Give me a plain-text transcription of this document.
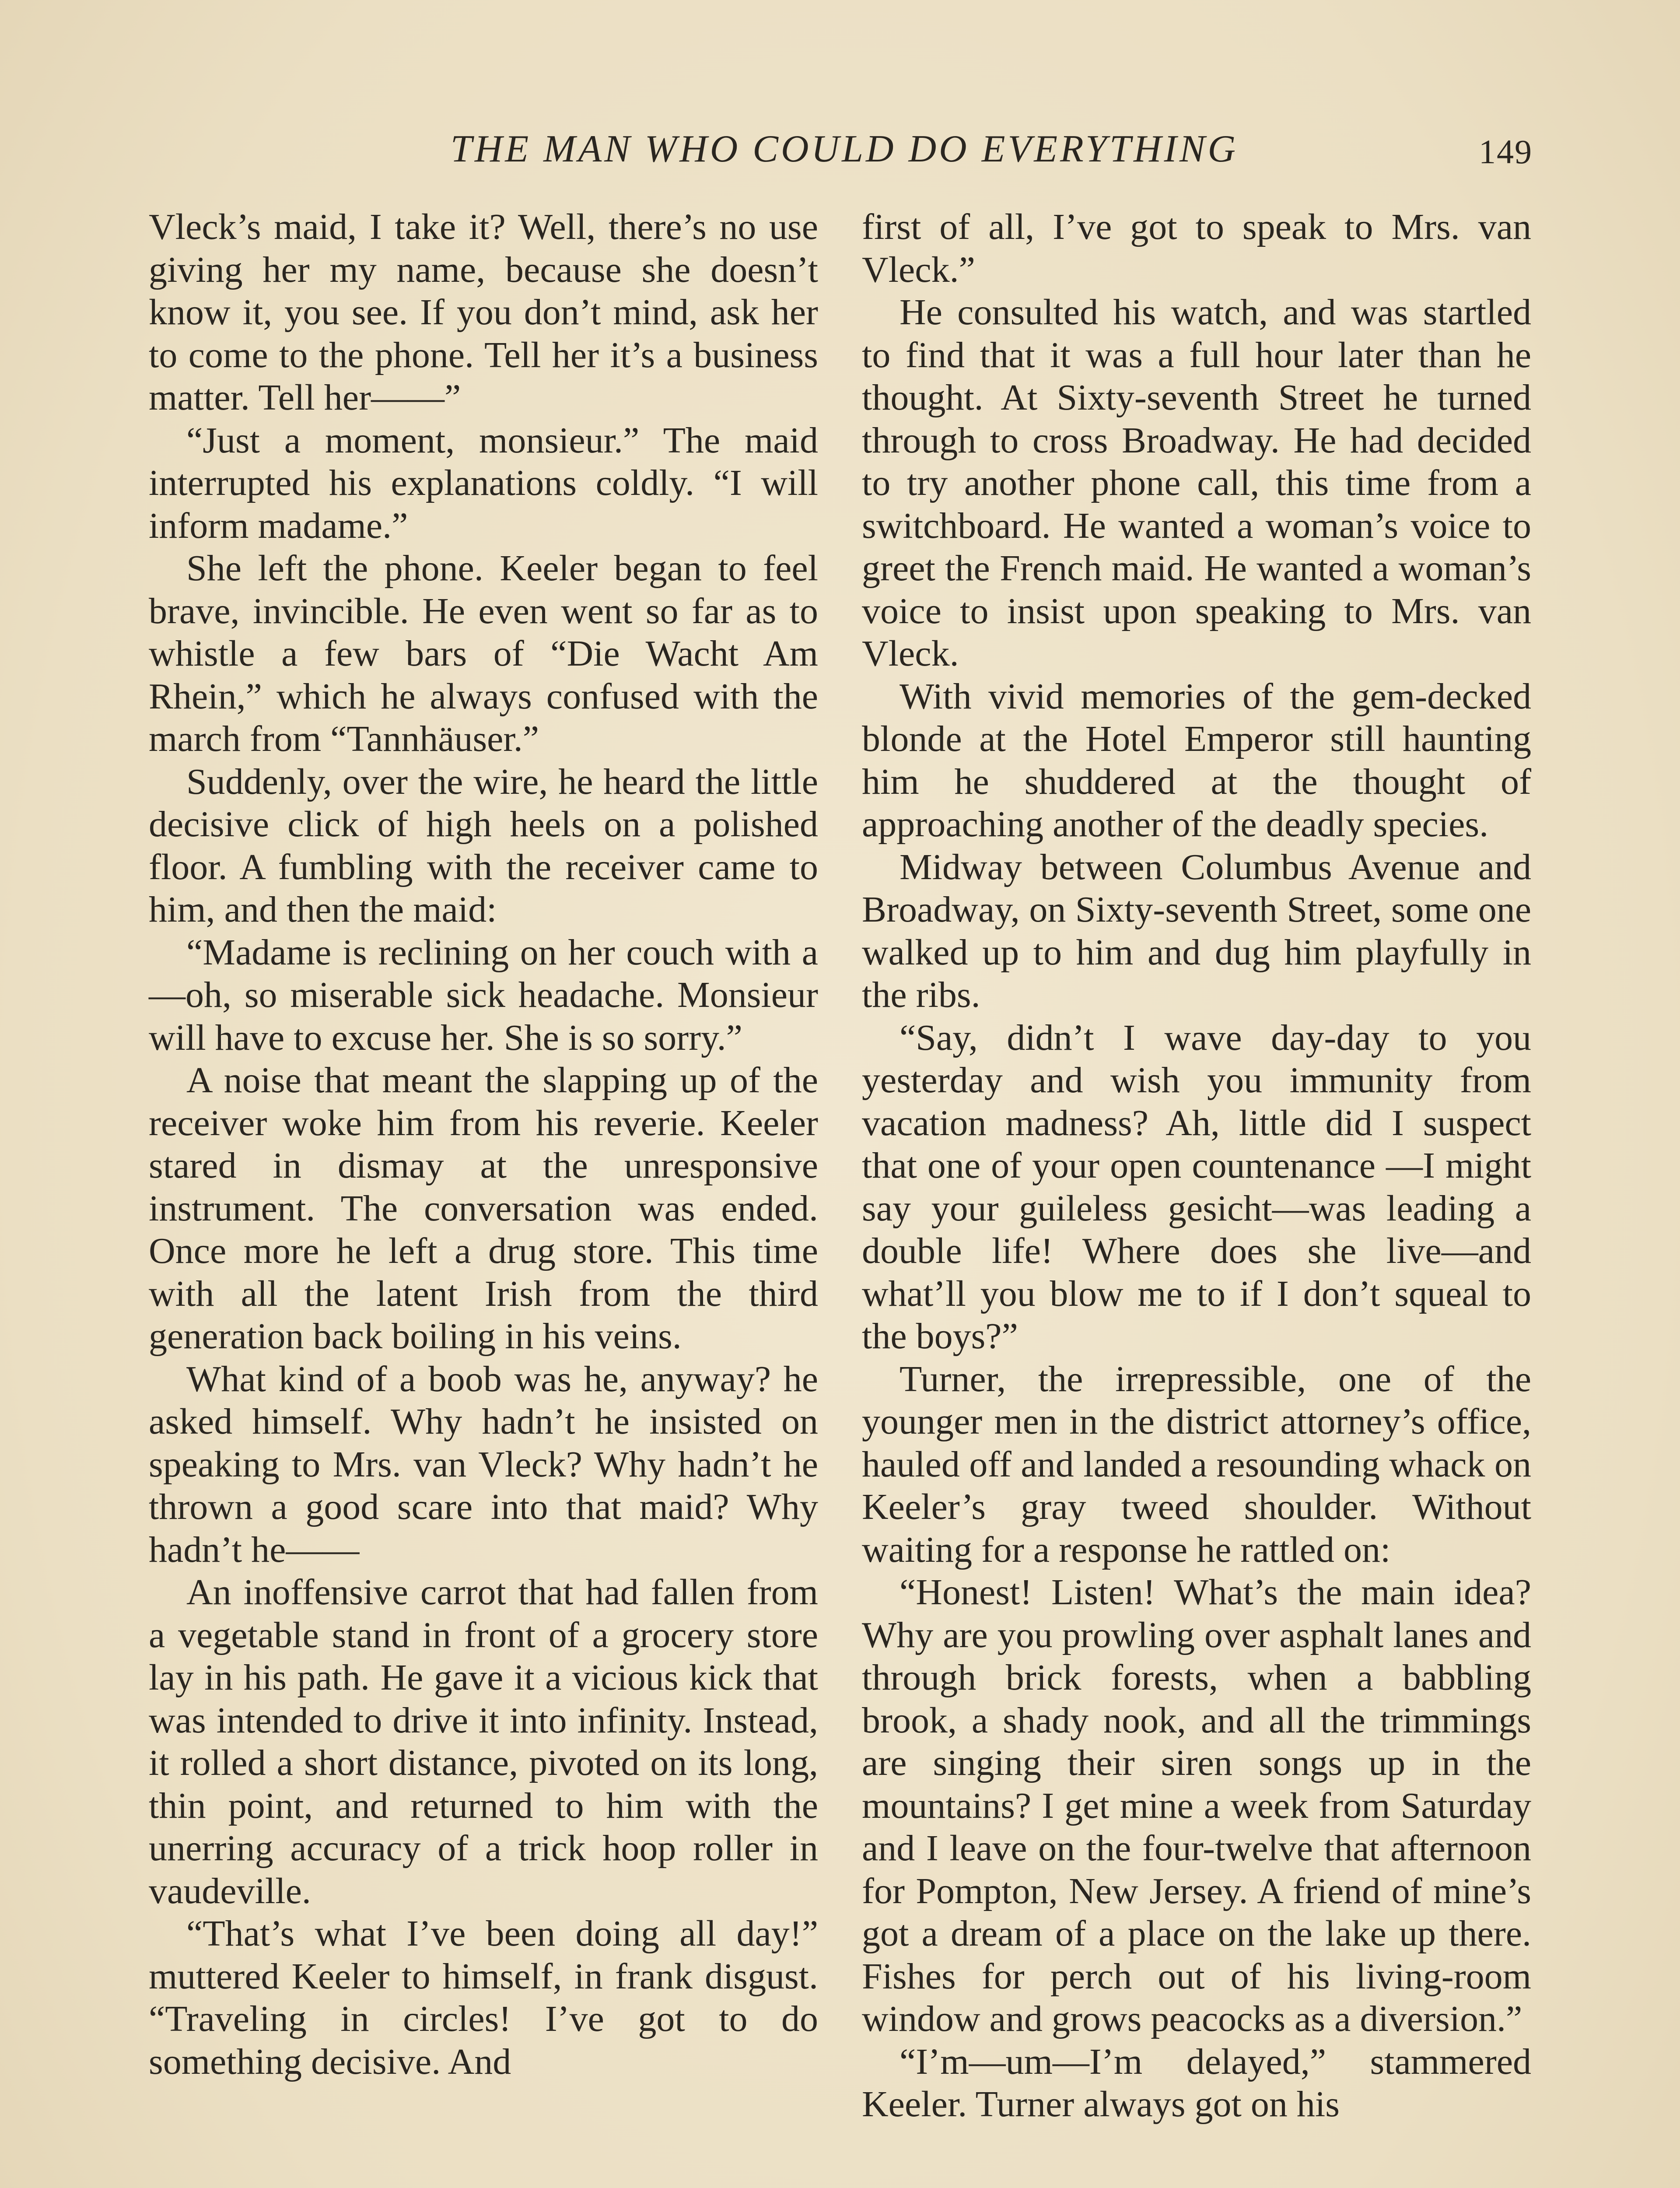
THE MAN WHO COULD DO EVERYTHING	149

Vleck’s maid, I take it? Well, there’s no use giving her my name, because she doesn’t know it, you see. If you don’t mind, ask her to come to the phone. Tell her it’s a business matter. Tell her——”

“Just a moment, monsieur.” The maid interrupted his explanations coldly. “I will inform madame.”

She left the phone. Keeler began to feel brave, invincible. He even went so far as to whistle a few bars of “Die Wacht Am Rhein,” which he always confused with the march from “Tannhäuser.”

Suddenly, over the wire, he heard the little decisive click of high heels on a polished floor. A fumbling with the receiver came to him, and then the maid:

“Madame is reclining on her couch with a—oh, so miserable sick headache. Monsieur will have to excuse her. She is so sorry.”

A noise that meant the slapping up of the receiver woke him from his reverie. Keeler stared in dismay at the unresponsive instrument. The conversation was ended. Once more he left a drug store. This time with all the latent Irish from the third generation back boiling in his veins.

What kind of a boob was he, anyway? he asked himself. Why hadn’t he insisted on speaking to Mrs. van Vleck? Why hadn’t he thrown a good scare into that maid? Why hadn’t he——

An inoffensive carrot that had fallen from a vegetable stand in front of a grocery store lay in his path. He gave it a vicious kick that was intended to drive it into infinity. Instead, it rolled a short distance, pivoted on its long, thin point, and returned to him with the unerring accuracy of a trick hoop roller in vaudeville.

“That’s what I’ve been doing all day!” muttered Keeler to himself, in frank disgust. “Traveling in circles! I’ve got to do something decisive. And

first of all, I’ve got to speak to Mrs. van Vleck.”

He consulted his watch, and was startled to find that it was a full hour later than he thought. At Sixty-seventh Street he turned through to cross Broadway. He had decided to try another phone call, this time from a switchboard. He wanted a woman’s voice to greet the French maid. He wanted a woman’s voice to insist upon speaking to Mrs. van Vleck.

With vivid memories of the gem-decked blonde at the Hotel Emperor still haunting him he shuddered at the thought of approaching another of the deadly species.

Midway between Columbus Avenue and Broadway, on Sixty-seventh Street, some one walked up to him and dug him playfully in the ribs.

“Say, didn’t I wave day-day to you yesterday and wish you immunity from vacation madness? Ah, little did I suspect that one of your open countenance —I might say your guileless gesicht—was leading a double life! Where does she live—and what’ll you blow me to if I don’t squeal to the boys?”

Turner, the irrepressible, one of the younger men in the district attorney’s office, hauled off and landed a resounding whack on Keeler’s gray tweed shoulder. Without waiting for a response he rattled on:

“Honest! Listen! What’s the main idea? Why are you prowling over asphalt lanes and through brick forests, when a babbling brook, a shady nook, and all the trimmings are singing their siren songs up in the mountains? I get mine a week from Saturday and I leave on the four-twelve that afternoon for Pompton, New Jersey. A friend of mine’s got a dream of a place on the lake up there. Fishes for perch out of his living-room window and grows peacocks as a diversion.”

“I’m—um—I’m delayed,” stammered Keeler. Turner always got on his
